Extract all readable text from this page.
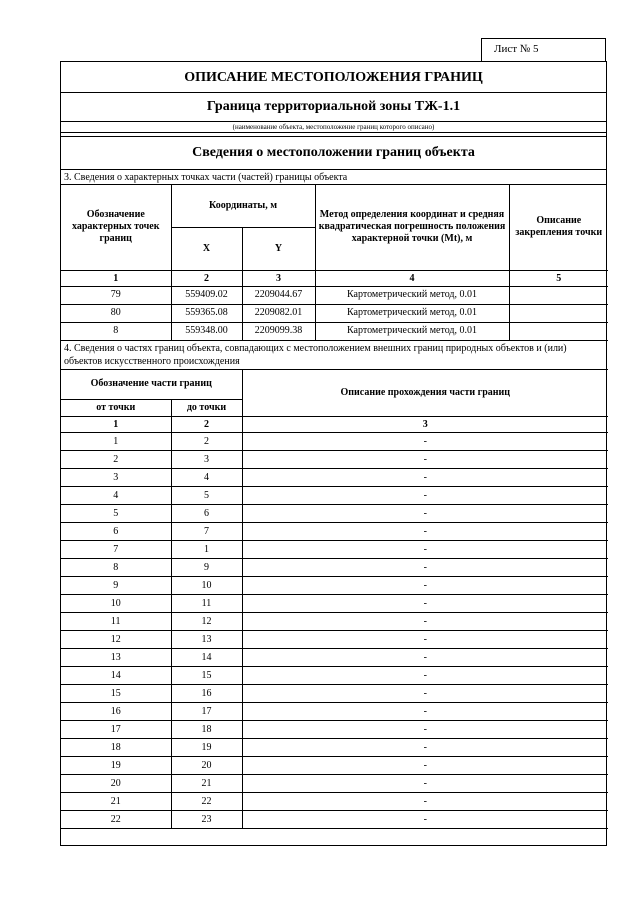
Лист № 5
ОПИСАНИЕ МЕСТОПОЛОЖЕНИЯ ГРАНИЦ
Граница территориальной зоны ТЖ-1.1
(наименование объекта, местоположение границ которого описано)

Сведения о местоположении границ объекта
3. Сведения о характерных точках части (частей) границы объекта
Обозначение характерных точек границ	Координаты, м		Метод определения координат и средняя квадратическая погрешность положения характерной точки (Mt), м	Описание закрепления точки
	X	Y		
1	2	3	4	5
79	559409.02	2209044.67	Картометрический метод, 0.01	
80	559365.08	2209082.01	Картометрический метод, 0.01	
8	559348.00	2209099.38	Картометрический метод, 0.01	
4. Сведения о частях границ объекта, совпадающих с местоположением внешних границ природных объектов и (или) объектов искусственного происхождения				
Обозначение части границ		Описание прохождения части границ
от точки	до точки	
1	2	3
1	2	-
2	3	-
3	4	-
4	5	-
5	6	-
6	7	-
7	1	-
8	9	-
9	10	-
10	11	-
11	12	-
12	13	-
13	14	-
14	15	-
15	16	-
16	17	-
17	18	-
18	19	-
19	20	-
20	21	-
21	22	-
22	23	-
